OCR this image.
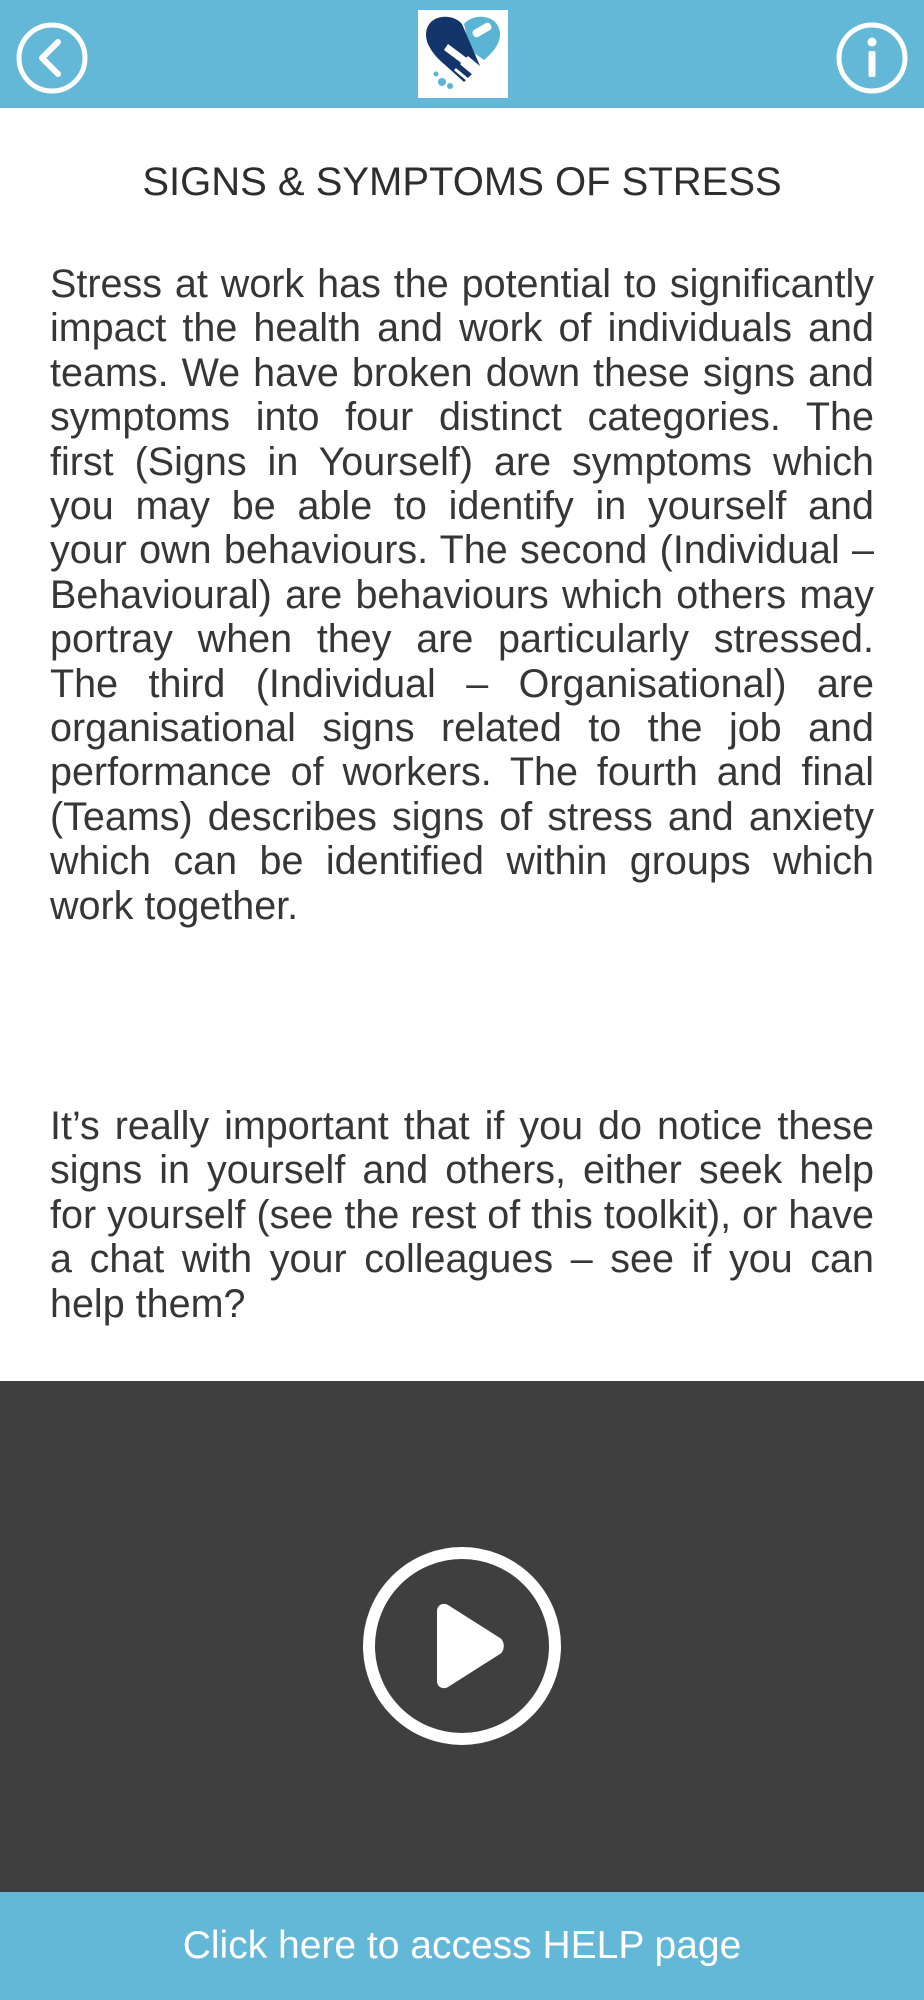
SIGNS & SYMPTOMS OF STRESS

Stress at work has the potential to significantly impact the health and work of individuals and teams. We have broken down these signs and symptoms into four distinct categories. The first (Signs in Yourself) are symptoms which you may be able to identify in yourself and your own behaviours. The second (Individual – Behavioural) are behaviours which others may portray when they are particularly stressed. The third (Individual – Organisational) are organisational signs related to the job and performance of workers. The fourth and final (Teams) describes signs of stress and anxiety which can be identified within groups which work together.

It’s really important that if you do notice these signs in yourself and others, either seek help for yourself (see the rest of this toolkit), or have a chat with your colleagues – see if you can help them?

Click here to access HELP page
